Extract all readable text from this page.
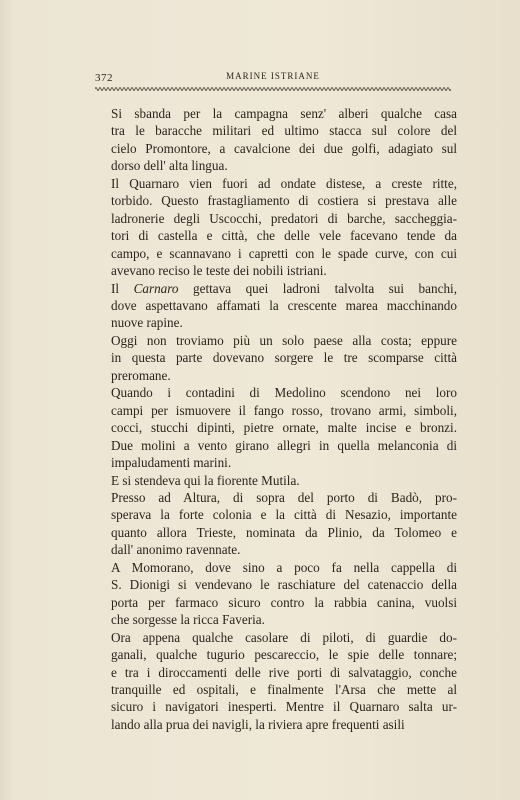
372	MARINE ISTRIANE

Si sbanda per la campagna senz' alberi qualche casa
tra le baracche militari ed ultimo stacca sul colore del
cielo Promontore, a cavalcione dei due golfi, adagiato sul
dorso dell' alta lingua.

Il Quarnaro vien fuori ad ondate distese, a creste ritte,
torbido. Questo frastagliamento di costiera si prestava alle
ladronerie degli Uscocchi, predatori di barche, saccheggia-
tori di castella e città, che delle vele facevano tende da
campo, e scannavano i capretti con le spade curve, con cui
avevano reciso le teste dei nobili istriani.

Il Carnaro gettava quei ladroni talvolta sui banchi,
dove aspettavano affamati la crescente marea macchinando
nuove rapine.

Oggi non troviamo più un solo paese alla costa; eppure
in questa parte dovevano sorgere le tre scomparse città
preromane.

Quando i contadini di Medolino scendono nei loro
campi per ismuovere il fango rosso, trovano armi, simboli,
cocci, stucchi dipinti, pietre ornate, malte incise e bronzi.
Due molini a vento girano allegri in quella melanconia di
impaludamenti marini.

E si stendeva qui la fiorente Mutila.

Presso ad Altura, di sopra del porto di Badò, pro-
sperava la forte colonia e la città di Nesazio, importante
quanto allora Trieste, nominata da Plinio, da Tolomeo e
dall' anonimo ravennate.

A Momorano, dove sino a poco fa nella cappella di
S. Dionigi si vendevano le raschiature del catenaccio della
porta per farmaco sicuro contro la rabbia canina, vuolsi
che sorgesse la ricca Faveria.

Ora appena qualche casolare di piloti, di guardie do-
ganali, qualche tugurio pescareccio, le spie delle tonnare;
e tra i diroccamenti delle rive porti di salvataggio, conche
tranquille ed ospitali, e finalmente l'Arsa che mette al
sicuro i navigatori inesperti. Mentre il Quarnaro salta ur-
lando alla prua dei navigli, la riviera apre frequenti asili
